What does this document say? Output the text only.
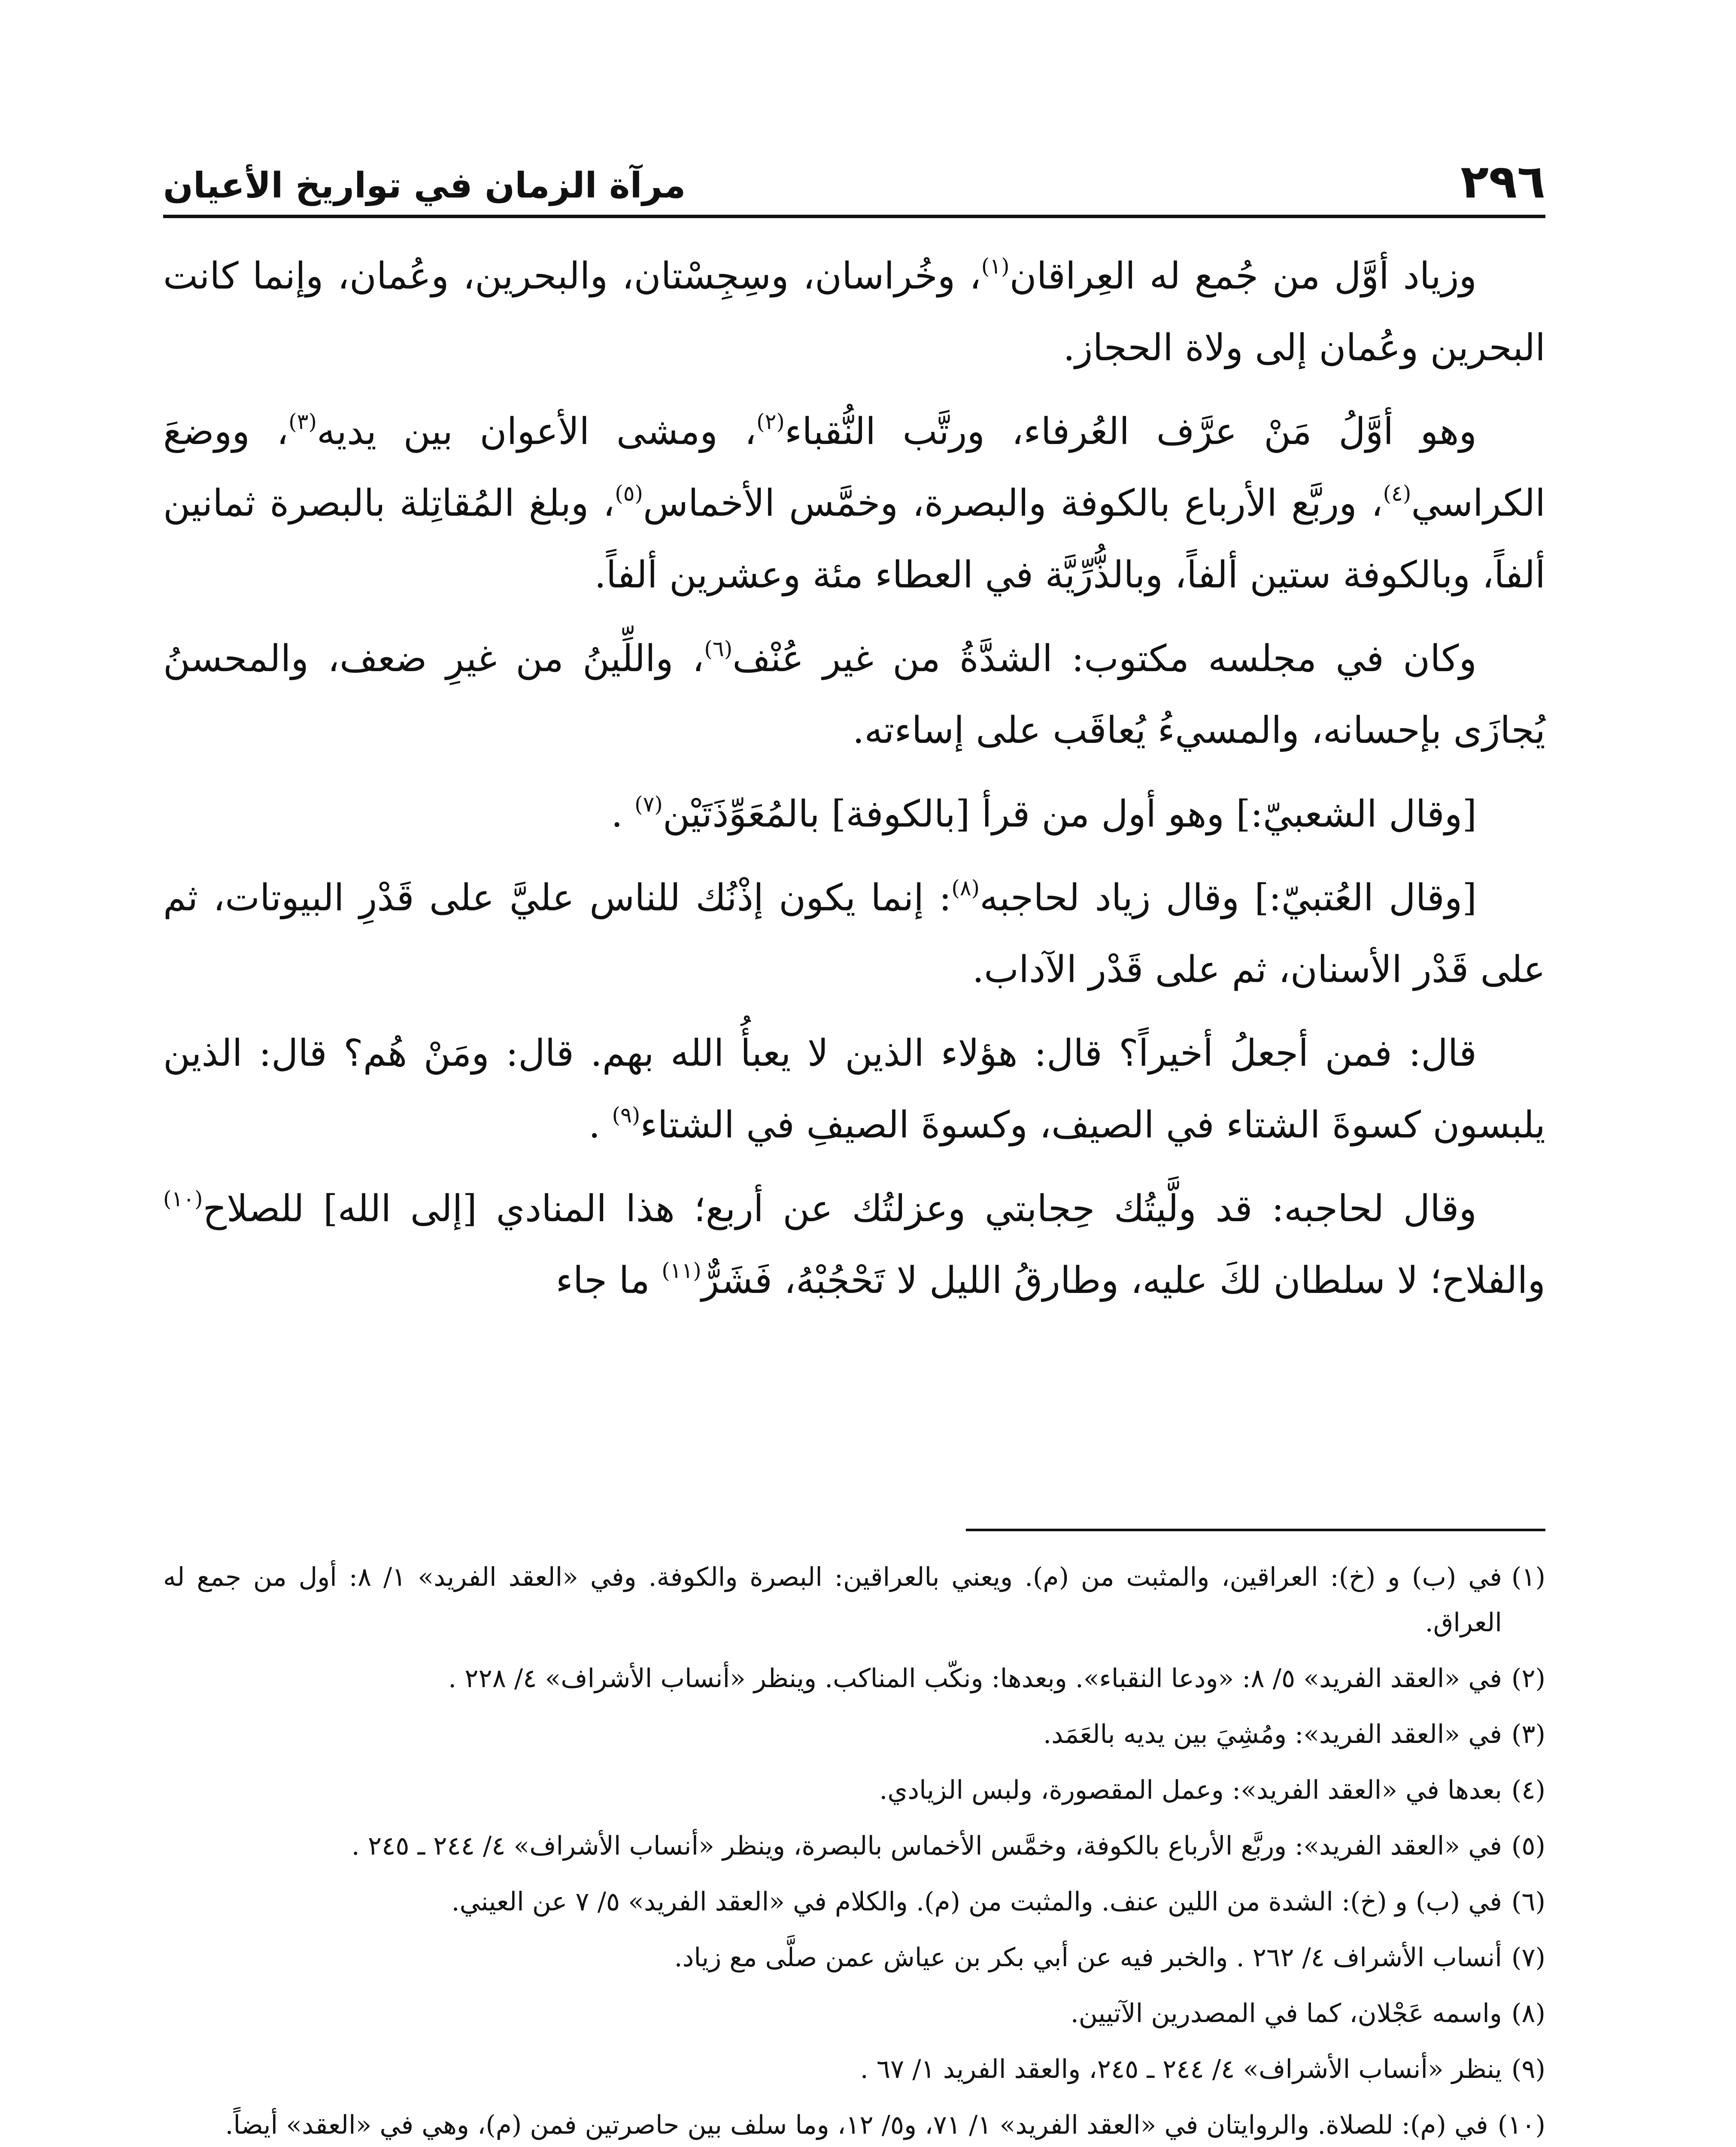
٢٩٦
مرآة الزمان في تواريخ الأعيان

وزياد أوَّل من جُمع له العِراقان$^{(١)}$، وخُراسان، وسِجِسْتان، والبحرين، وعُمان، وإنما كانت البحرين وعُمان إلى ولاة الحجاز.

وهو أوَّلُ مَنْ عرَّف العُرفاء، ورتَّب النُّقباء$^{(٢)}$، ومشى الأعوان بين يديه$^{(٣)}$، ووضعَ الكراسي$^{(٤)}$، وربَّع الأرباع بالكوفة والبصرة، وخمَّس الأخماس$^{(٥)}$، وبلغ المُقاتِلة بالبصرة ثمانين ألفاً، وبالكوفة ستين ألفاً، وبالذُّرِّيَّة في العطاء مئة وعشرين ألفاً.

وكان في مجلسه مكتوب: الشدَّةُ من غير عُنْف$^{(٦)}$، واللِّينُ من غيرِ ضعف، والمحسنُ يُجازَى بإحسانه، والمسيءُ يُعاقَب على إساءته.

[وقال الشعبيّ:] وهو أول من قرأ [بالكوفة] بالمُعَوِّذَتَيْن$^{(٧)}$ .

[وقال العُتبيّ:] وقال زياد لحاجبه$^{(٨)}$: إنما يكون إذْنُك للناس عليَّ على قَدْرِ البيوتات، ثم على قَدْر الأسنان، ثم على قَدْر الآداب.

قال: فمن أجعلُ أخيراً؟ قال: هؤلاء الذين لا يعبأُ الله بهم. قال: ومَنْ هُم؟ قال: الذين يلبسون كسوةَ الشتاء في الصيف، وكسوةَ الصيفِ في الشتاء$^{(٩)}$ .

وقال لحاجبه: قد ولَّيتُك حِجابتي وعزلتُك عن أربع؛ هذا المنادي [إلى الله] للصلاح$^{(١٠)}$ والفلاح؛ لا سلطان لكَ عليه، وطارقُ الليل لا تَحْجُبْهُ، فَشَرٌّ$^{(١١)}$ ما جاء

(١)
في (ب) و (خ): العراقين، والمثبت من (م). ويعني بالعراقين: البصرة والكوفة. وفي «العقد الفريد» ١/ ٨: أول من جمع له العراق.
(٢)
في «العقد الفريد» ٥/ ٨: «ودعا النقباء». وبعدها: ونكّب المناكب. وينظر «أنساب الأشراف» ٤/ ٢٢٨ .
(٣)
في «العقد الفريد»: ومُشِيَ بين يديه بالعَمَد.
(٤)
بعدها في «العقد الفريد»: وعمل المقصورة، ولبس الزيادي.
(٥)
في «العقد الفريد»: وربَّع الأرباع بالكوفة، وخمَّس الأخماس بالبصرة، وينظر «أنساب الأشراف» ٤/ ٢٤٤ ـ ٢٤٥ .
(٦)
في (ب) و (خ): الشدة من اللين عنف. والمثبت من (م). والكلام في «العقد الفريد» ٥/ ٧ عن العيني.
(٧)
أنساب الأشراف ٤/ ٢٦٢ . والخبر فيه عن أبي بكر بن عياش عمن صلَّى مع زياد.
(٨)
واسمه عَجْلان، كما في المصدرين الآتيين.
(٩)
ينظر «أنساب الأشراف» ٤/ ٢٤٤ ـ ٢٤٥، والعقد الفريد ١/ ٦٧ .
(١٠)
في (م): للصلاة. والروايتان في «العقد الفريد» ١/ ٧١، و٥/ ١٢، وما سلف بين حاصرتين فمن (م)، وهي في «العقد» أيضاً.
